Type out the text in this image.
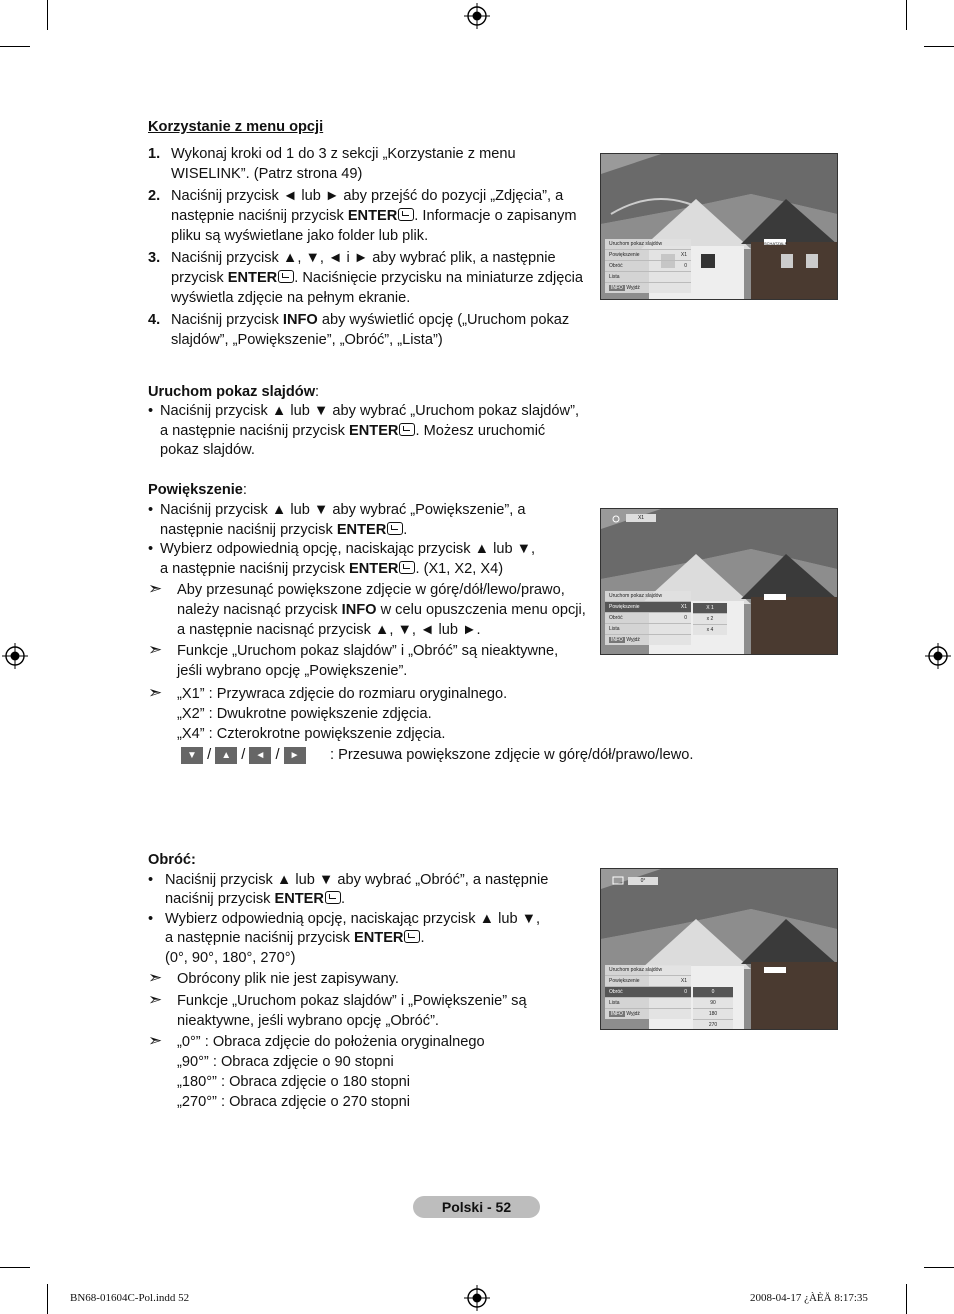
Korzystanie z menu opcji
1. Wykonaj kroki od 1 do 3 z sekcji „Korzystanie z menu
WISELINK”. (Patrz strona 49)
2. Naciśnij przycisk ◄ lub ► aby przejść do pozycji „Zdjęcia”, a
następnie naciśnij przycisk ENTER . Informacje o zapisanym
pliku są wyświetlane jako folder lub plik.
3. Naciśnij przycisk ▲, ▼, ◄ i ► aby wybrać plik, a następnie
przycisk ENTER . Naciśnięcie przycisku na miniaturze zdjęcia
wyświetla zdjęcie na pełnym ekranie.
4. Naciśnij przycisk INFO aby wyświetlić opcję („Uruchom pokaz
slajdów”, „Powiększenie”, „Obróć”, „Lista”)
Uruchom pokaz slajdów:
• Naciśnij przycisk ▲ lub ▼ aby wybrać „Uruchom pokaz slajdów”,
a następnie naciśnij przycisk ENTER . Możesz uruchomić
pokaz slajdów.
Powiększenie:
• Naciśnij przycisk ▲ lub ▼ aby wybrać „Powiększenie”, a
następnie naciśnij przycisk ENTER .
• Wybierz odpowiednią opcję, naciskając przycisk ▲ lub ▼,
a następnie naciśnij przycisk ENTER . (X1, X2, X4)
➣ Aby przesunąć powiększone zdjęcie w górę/dół/lewo/prawo,
należy nacisnąć przycisk INFO w celu opuszczenia menu opcji,
a następnie nacisnąć przycisk ▲, ▼, ◄ lub ►.
➣ Funkcje „Uruchom pokaz slajdów” i „Obróć” są nieaktywne,
jeśli wybrano opcję „Powiększenie”.
➣ „X1” : Przywraca zdjęcie do rozmiaru oryginalnego.
„X2” : Dwukrotne powiększenie zdjęcia.
„X4” : Czterokrotne powiększenie zdjęcia.
▼ / ▲ / ◄ / ►	: Przesuwa powiększone zdjęcie w górę/dół/prawo/lewo.
Obróć:
• Naciśnij przycisk ▲ lub ▼ aby wybrać „Obróć”, a następnie
naciśnij przycisk ENTER .
• Wybierz odpowiednią opcję, naciskając przycisk ▲ lub ▼,
a następnie naciśnij przycisk ENTER .
(0°, 90°, 180°, 270°)
➣ Obrócony plik nie jest zapisywany.
➣ Funkcje „Uruchom pokaz slajdów” i „Powiększenie” są
nieaktywne, jeśli wybrano opcję „Obróć”.
➣ „0°” : Obraca zdjęcie do położenia oryginalnego
„90°” : Obraca zdjęcie o 90 stopni
„180°” : Obraca zdjęcie o 180 stopni
„270°” : Obraca zdjęcie o 270 stopni
SCHATZALP
Uruchom pokaz slajdów
Powiększenie	X1
Obróć	0
Lista
INFO Wyjdź
X1
Uruchom pokaz slajdów
Powiększenie	X1
Obróć	0
Lista
INFO Wyjdź
X 1
x 2
x 4
0°
Uruchom pokaz slajdów
Powiększenie	X1
Obróć	0
Lista
INFO Wyjdź
0
90
180
270
Polski - 52
BN68-01604C-Pol.indd 52	2008-04-17 ¿ÀÈÄ 8:17:35
